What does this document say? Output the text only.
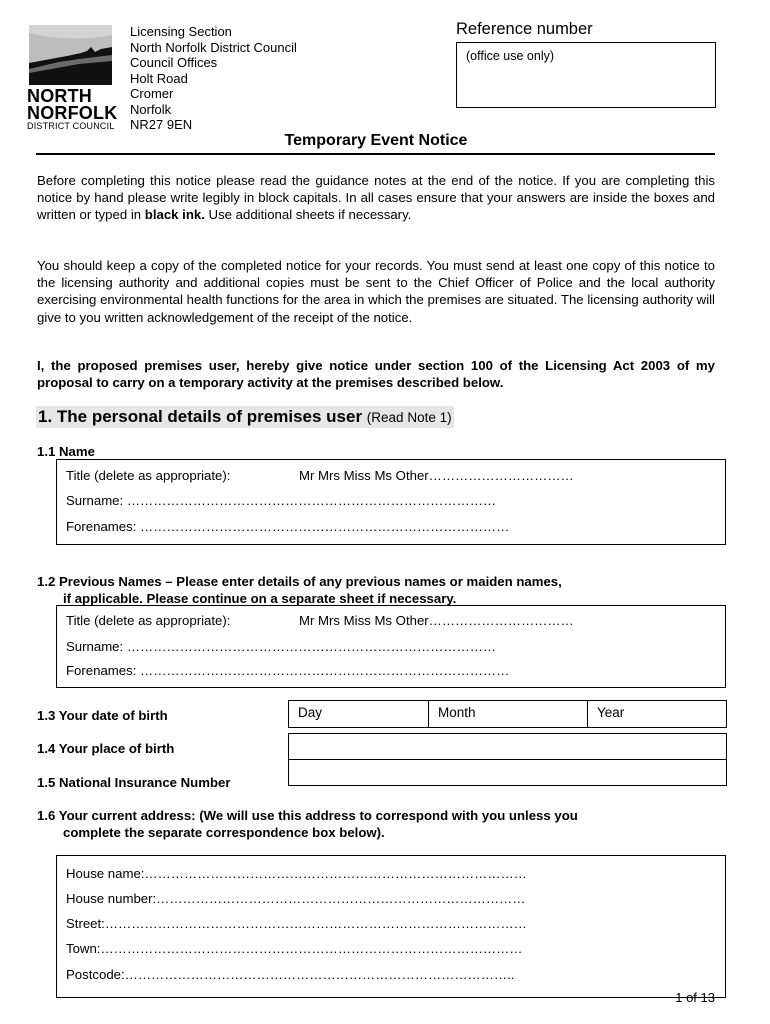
NORTH
NORFOLK
DISTRICT COUNCIL
Licensing Section
North Norfolk District Council
Council Offices
Holt Road
Cromer
Norfolk
NR27 9EN
Reference number
(office use only)
Temporary Event Notice
Before completing this notice please read the guidance notes at the end of the notice. If you are completing this notice by hand please write legibly in block capitals. In all cases ensure that your answers are inside the boxes and written or typed in black ink. Use additional sheets if necessary.
You should keep a copy of the completed notice for your records. You must send at least one copy of this notice to the licensing authority and additional copies must be sent to the Chief Officer of Police and the local authority exercising environmental health functions for the area in which the premises are situated. The licensing authority will give to you written acknowledgement of the receipt of the notice.
I, the proposed premises user, hereby give notice under section 100 of the Licensing Act 2003 of my proposal to carry on a temporary activity at the premises described below.
1. The personal details of premises user (Read Note 1)
1.1 Name
Title (delete as appropriate):	Mr Mrs Miss Ms Other……………………………
Surname: …………………………………………………………………………
Forenames: …………………………………………………………………………
1.2 Previous Names – Please enter details of any previous names or maiden names,
if applicable. Please continue on a separate sheet if necessary.
Title (delete as appropriate):	Mr Mrs Miss Ms Other……………………………
Surname: …………………………………………………………………………
Forenames: …………………………………………………………………………
1.3 Your date of birth	Day	Month	Year
1.4 Your place of birth
1.5 National Insurance Number
1.6 Your current address: (We will use this address to correspond with you unless you
complete the separate correspondence box below).
House name:……………………………………………………………………………
House number:…………………………………………………………………………
Street:……………………………………………………………………………………
Town:……………………………………………………………………………………
Postcode:……………………………………………………………………………..
1 of 13
